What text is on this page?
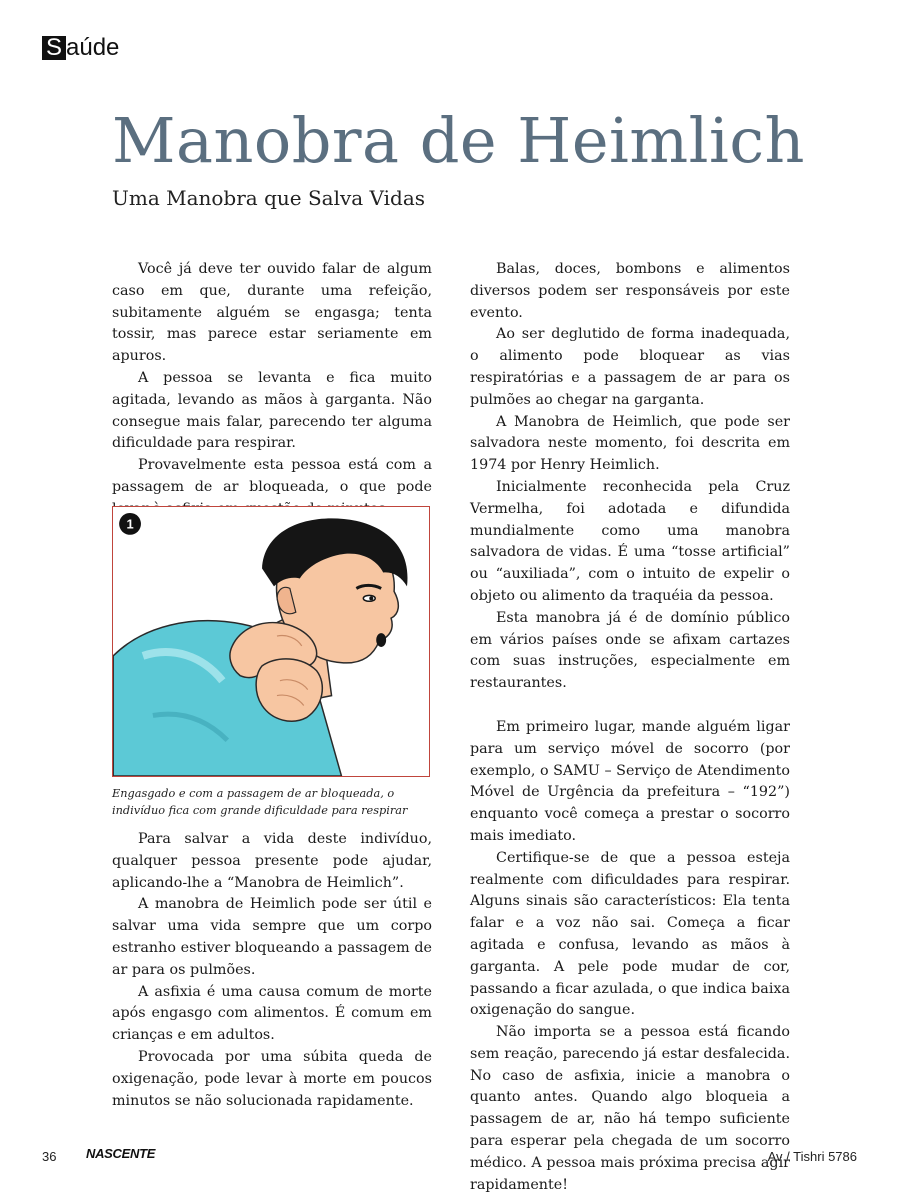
S aúde
Manobra de Heimlich
Uma Manobra que Salva Vidas

Você já deve ter ouvido falar de algum caso em que, durante uma refeição, subitamente alguém se engasga; tenta tossir, mas parece estar seriamente em apuros.

A pessoa se levanta e fica muito agitada, levando as mãos à garganta. Não consegue mais falar, parecendo ter alguma dificuldade para respirar.

Provavelmente esta pessoa está com a passagem de ar bloqueada, o que pode

1

Engasgado e com a passagem de ar bloqueada, o indivíduo fica com grande dificuldade para respirar

Para salvar a vida deste indivíduo, qualquer pessoa presente pode ajudar, aplicando-lhe a “Manobra de Heimlich”.

A manobra de Heimlich pode ser útil e salvar uma vida sempre que um corpo estranho estiver bloqueando a passagem de ar para os pulmões.

A asfixia é uma causa comum de morte após engasgo com alimentos. É comum em crianças e em adultos.

Provocada por uma súbita queda de oxigenação, pode levar à morte em poucos minutos se não solucionada rapidamente.

Balas, doces, bombons e alimentos diversos podem ser responsáveis por este evento.

Ao ser deglutido de forma inadequada, o alimento pode bloquear as vias respiratórias e a passagem de ar para os pulmões ao chegar na garganta.

A Manobra de Heimlich, que pode ser salvadora neste momento, foi descrita em 1974 por Henry Heimlich.

Inicialmente reconhecida pela Cruz Vermelha, foi adotada e difundida mundialmente como uma manobra salvadora de vidas. É uma “tosse artificial” ou “auxiliada”, com o intuito de expelir o objeto ou alimento da traquéia da pessoa.

Esta manobra já é de domínio público em vários países onde se afixam cartazes com suas instruções, especialmente em restaurantes.

Em primeiro lugar, mande alguém ligar para um serviço móvel de socorro (por exemplo, o SAMU – Serviço de Atendimento Móvel de Urgência da prefeitura – “192”) enquanto você começa a prestar o socorro mais imediato.

Certifique-se de que a pessoa esteja realmente com dificuldades para respirar. Alguns sinais são característicos: Ela tenta falar e a voz não sai. Começa a ficar agitada e confusa, levando as mãos à garganta. A pele pode mudar de cor, passando a ficar azulada, o que indica baixa oxigenação do sangue.

Não importa se a pessoa está ficando sem reação, parecendo já estar desfalecida. No caso de asfixia, inicie a manobra o quanto antes. Quando algo bloqueia a passagem de ar, não há tempo suficiente para esperar pela chegada de um socorro médico. A pessoa mais próxima precisa agir rapidamente!

36 NASCENTE	Av / Tishri 5786
